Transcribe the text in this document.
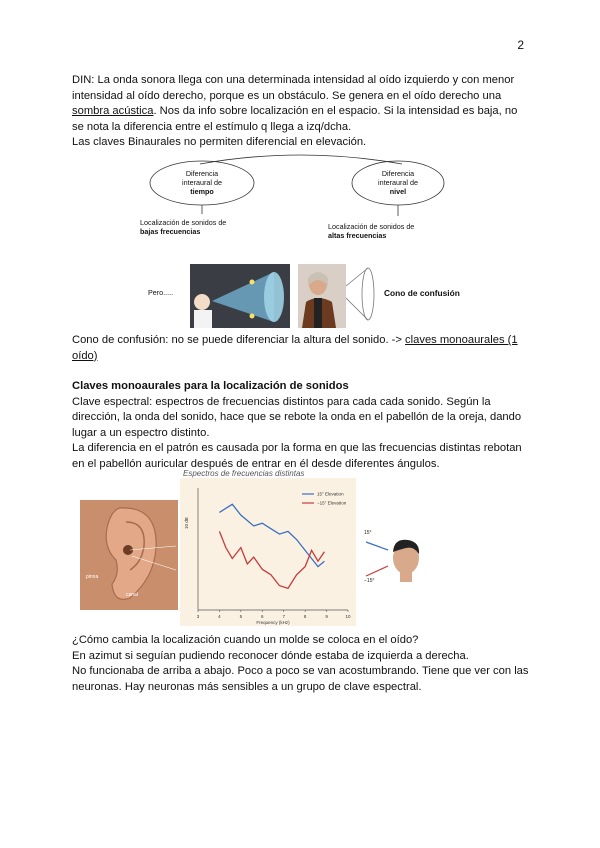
2
DIN: La onda sonora llega con una determinada intensidad al oído izquierdo y con menor
intensidad al oído derecho, porque es un obstáculo. Se genera en el oído derecho una
sombra acústica. Nos da info sobre localización en el espacio. Si la intensidad es baja, no
se nota la diferencia entre el estímulo q llega a izq/dcha.
Las claves Binaurales no permiten diferencial en elevación.
Diferencia
interaural de
tiempo
Diferencia
interaural de
nivel
Localización de sonidos de
bajas frecuencias
Localización de sonidos de
altas frecuencias
Pero.....	Cono de confusión
Cono de confusión: no se puede diferenciar la altura del sonido. -> claves monoaurales (1
oído)
Claves monoaurales para la localización de sonidos
Clave espectral: espectros de frecuencias distintos para cada cada sonido. Según la
dirección, la onda del sonido, hace que se rebote la onda en el pabellón de la oreja, dando
lugar a un espectro distinto.
La diferencia en el patrón es causada por la forma en que las frecuencias distintas rebotan
en el pabellón auricular después de entrar en él desde diferentes ángulos.
Espectros de frecuencias distintas
pinna
canal
3	4	5	6	7	8	9	10
Frequency (kHz)
10 dB
15° Elevation
−15° Elevation
15°
−15°
¿Cómo cambia la localización cuando un molde se coloca en el oído?
En azimut si seguían pudiendo reconocer dónde estaba de izquierda a derecha.
No funcionaba de arriba a abajo. Poco a poco se van acostumbrando. Tiene que ver con las
neuronas. Hay neuronas más sensibles a un grupo de clave espectral.
